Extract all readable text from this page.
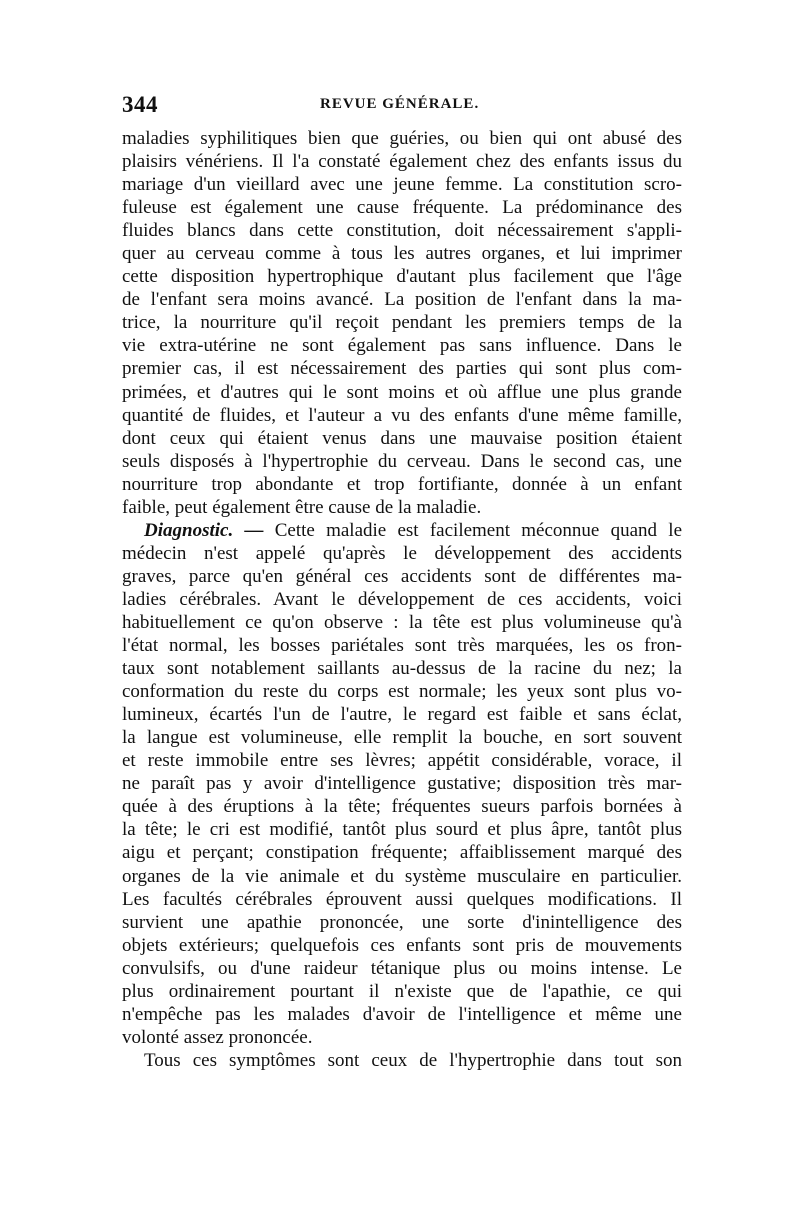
344	REVUE GÉNÉRALE.
maladies syphilitiques bien que guéries, ou bien qui ont abusé des
plaisirs vénériens. Il l'a constaté également chez des enfants issus du
mariage d'un vieillard avec une jeune femme. La constitution scro-
fuleuse est également une cause fréquente. La prédominance des
fluides blancs dans cette constitution, doit nécessairement s'appli-
quer au cerveau comme à tous les autres organes, et lui imprimer
cette disposition hypertrophique d'autant plus facilement que l'âge
de l'enfant sera moins avancé. La position de l'enfant dans la ma-
trice, la nourriture qu'il reçoit pendant les premiers temps de la
vie extra-utérine ne sont également pas sans influence. Dans le
premier cas, il est nécessairement des parties qui sont plus com-
primées, et d'autres qui le sont moins et où afflue une plus grande
quantité de fluides, et l'auteur a vu des enfants d'une même famille,
dont ceux qui étaient venus dans une mauvaise position étaient
seuls disposés à l'hypertrophie du cerveau. Dans le second cas, une
nourriture trop abondante et trop fortifiante, donnée à un enfant
faible, peut également être cause de la maladie.
Diagnostic. — Cette maladie est facilement méconnue quand le
médecin n'est appelé qu'après le développement des accidents
graves, parce qu'en général ces accidents sont de différentes ma-
ladies cérébrales. Avant le développement de ces accidents, voici
habituellement ce qu'on observe : la tête est plus volumineuse qu'à
l'état normal, les bosses pariétales sont très marquées, les os fron-
taux sont notablement saillants au-dessus de la racine du nez; la
conformation du reste du corps est normale; les yeux sont plus vo-
lumineux, écartés l'un de l'autre, le regard est faible et sans éclat,
la langue est volumineuse, elle remplit la bouche, en sort souvent
et reste immobile entre ses lèvres; appétit considérable, vorace, il
ne paraît pas y avoir d'intelligence gustative; disposition très mar-
quée à des éruptions à la tête; fréquentes sueurs parfois bornées à
la tête; le cri est modifié, tantôt plus sourd et plus âpre, tantôt plus
aigu et perçant; constipation fréquente; affaiblissement marqué des
organes de la vie animale et du système musculaire en particulier.
Les facultés cérébrales éprouvent aussi quelques modifications. Il
survient une apathie prononcée, une sorte d'inintelligence des
objets extérieurs; quelquefois ces enfants sont pris de mouvements
convulsifs, ou d'une raideur tétanique plus ou moins intense. Le
plus ordinairement pourtant il n'existe que de l'apathie, ce qui
n'empêche pas les malades d'avoir de l'intelligence et même une
volonté assez prononcée.
Tous ces symptômes sont ceux de l'hypertrophie dans tout son
